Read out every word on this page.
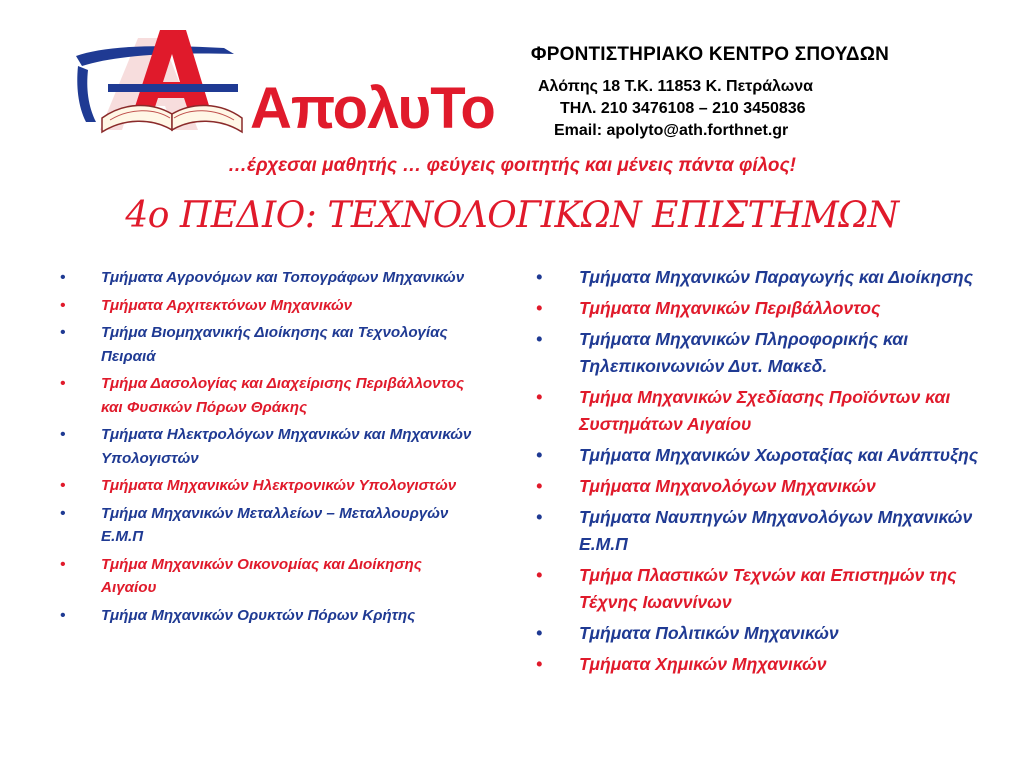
ΑπολυΤο
ΦΡΟΝΤΙΣΤΗΡΙΑΚΟ ΚΕΝΤΡΟ ΣΠΟΥΔΩΝ
Αλόπης 18 Τ.Κ. 11853 Κ. Πετράλωνα
ΤΗΛ. 210 3476108 – 210 3450836
Email: apolyto@ath.forthnet.gr
…έρχεσαι μαθητής … φεύγεις φοιτητής και μένεις πάντα φίλος!
4ο ΠΕΔΙΟ: ΤΕΧΝΟΛΟΓΙΚΩΝ ΕΠΙΣΤΗΜΩΝ
• Τμήματα Αγρονόμων και Τοπογράφων Μηχανικών
• Τμήματα Αρχιτεκτόνων Μηχανικών
• Τμήμα Βιομηχανικής Διοίκησης και Τεχνολογίας Πειραιά
• Τμήμα Δασολογίας και Διαχείρισης Περιβάλλοντος και Φυσικών Πόρων Θράκης
• Τμήματα Ηλεκτρολόγων Μηχανικών και Μηχανικών Υπολογιστών
• Τμήματα Μηχανικών Ηλεκτρονικών Υπολογιστών
• Τμήμα Μηχανικών Μεταλλείων – Μεταλλουργών Ε.Μ.Π
• Τμήμα Μηχανικών Οικονομίας και Διοίκησης Αιγαίου
• Τμήμα Μηχανικών Ορυκτών Πόρων Κρήτης
• Τμήματα Μηχανικών Παραγωγής και Διοίκησης
• Τμήματα Μηχανικών Περιβάλλοντος
• Τμήματα Μηχανικών Πληροφορικής και Τηλεπικοινωνιών Δυτ. Μακεδ.
• Τμήμα Μηχανικών Σχεδίασης Προϊόντων και Συστημάτων Αιγαίου
• Τμήματα Μηχανικών Χωροταξίας και Ανάπτυξης
• Τμήματα Μηχανολόγων Μηχανικών
• Τμήματα Ναυπηγών Μηχανολόγων Μηχανικών Ε.Μ.Π
• Τμήμα Πλαστικών Τεχνών και Επιστημών της Τέχνης Ιωαννίνων
• Τμήματα Πολιτικών Μηχανικών
• Τμήματα Χημικών Μηχανικών
